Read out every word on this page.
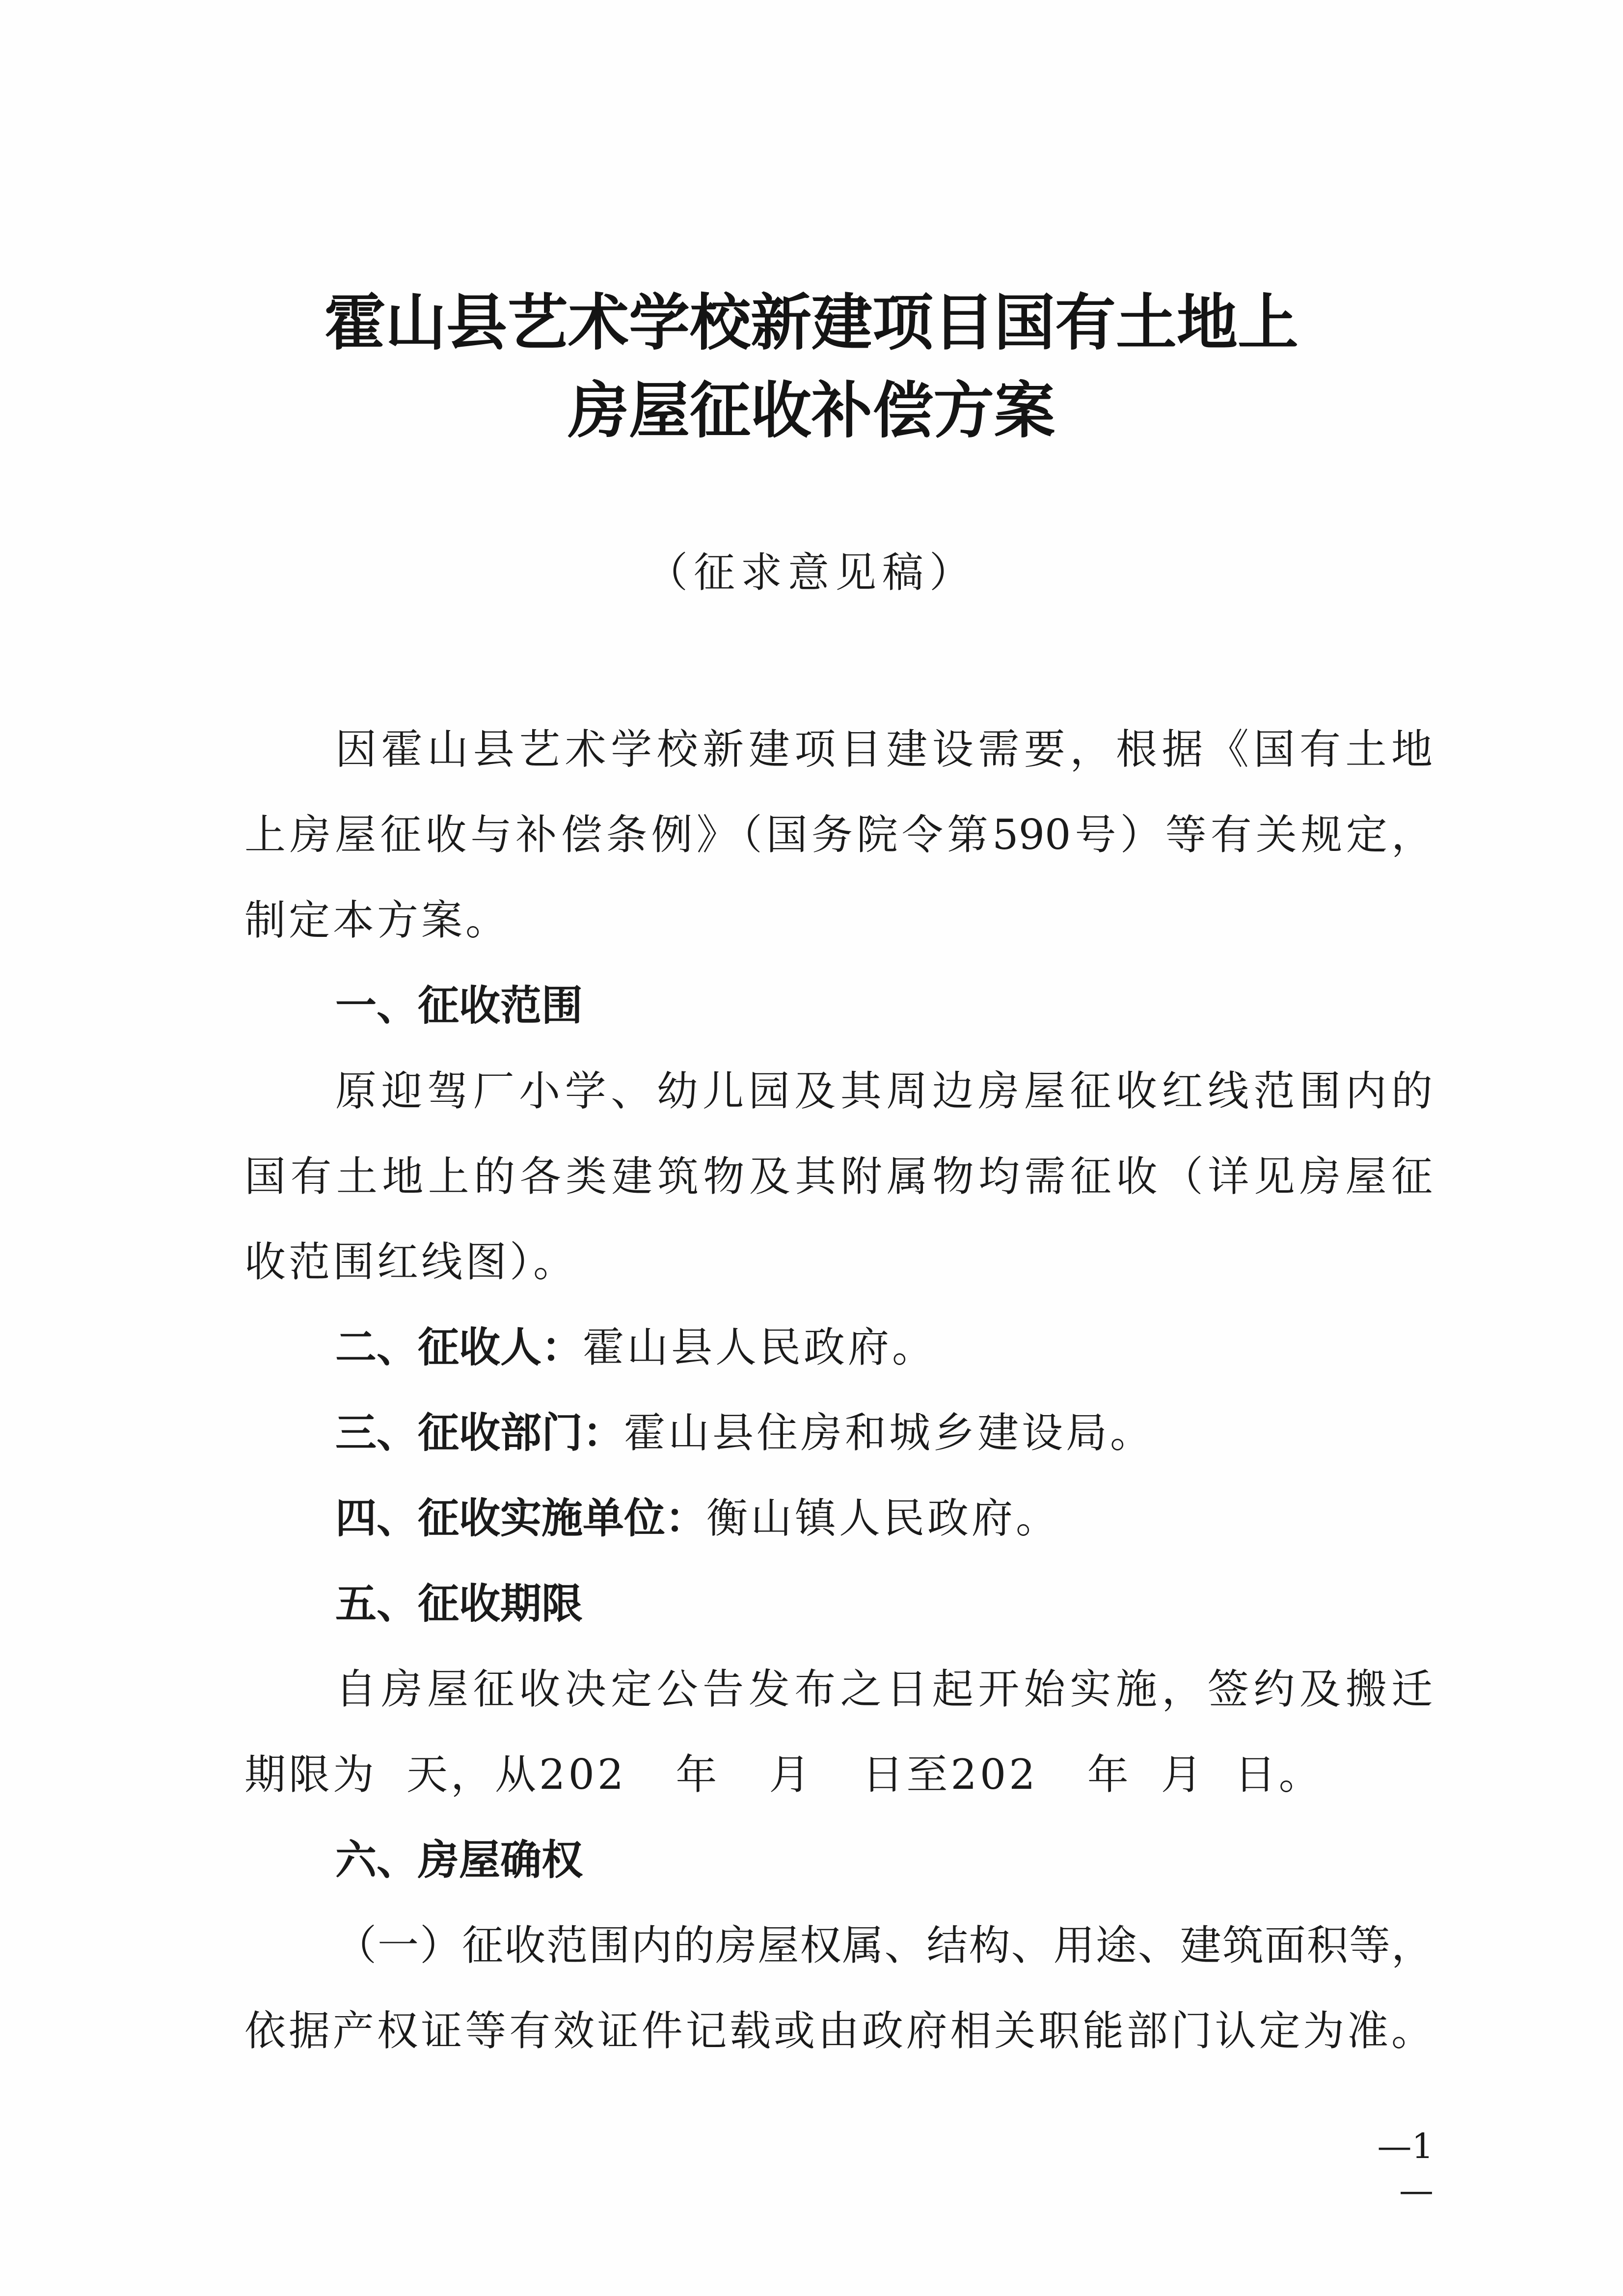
霍山县艺术学校新建项目国有土地上
房屋征收补偿方案
（征求意见稿）
因霍山县艺术学校新建项目建设需要，根据《国有土地
上房屋征收与补偿条例》（国务院令第590号）等有关规定，
制定本方案。
一、征收范围
原迎驾厂小学、幼儿园及其周边房屋征收红线范围内的
国有土地上的各类建筑物及其附属物均需征收（详见房屋征
收范围红线图）。
二、征收人：霍山县人民政府。
三、征收部门：霍山县住房和城乡建设局。
四、征收实施单位：衡山镇人民政府。
五、征收期限
自房屋征收决定公告发布之日起开始实施，签约及搬迁
期限为 天，从202 年 月 日至202 年 月 日。
六、房屋确权
（一）征收范围内的房屋权属、结构、用途、建筑面积等，
依据产权证等有效证件记载或由政府相关职能部门认定为准。
—1—
